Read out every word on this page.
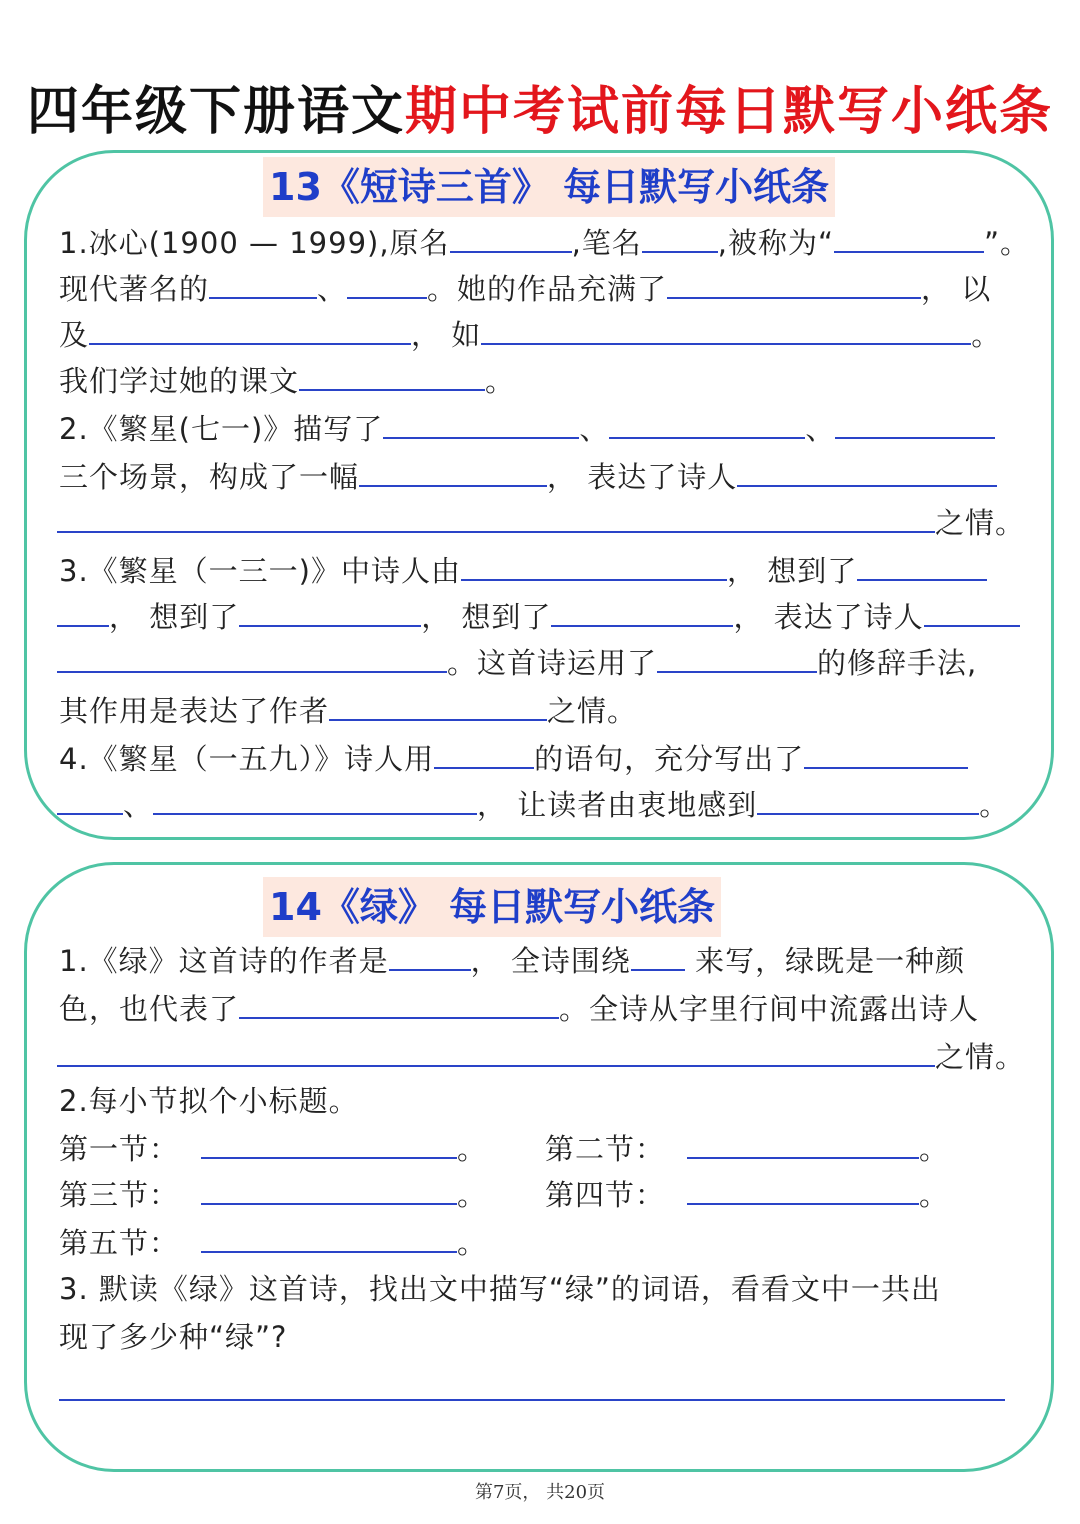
四年级下册语文期中考试前每日默写小纸条
13《短诗三首》 每日默写小纸条
1.冰心(1900 — 1999),原名	,笔名	,被称为“	”。
现代著名的	、	。她的作品充满了	， 以
及	， 如	。
我们学过她的课文	。
2.《繁星(七一)》描写了	、	、
三个场景，构成了一幅	， 表达了诗人
之情。
3.《繁星（一三一)》中诗人由	， 想到了
， 想到了	， 想到了	， 表达了诗人
。这首诗运用了	的修辞手法,
其作用是表达了作者	之情。
4.《繁星（一五九）》诗人用	的语句，充分写出了
、	， 让读者由衷地感到	。
14《绿》 每日默写小纸条
1.《绿》这首诗的作者是	， 全诗围绕 来写，绿既是一种颜
色，也代表了	。全诗从字里行间中流露出诗人
之情。
2.每小节拟个小标题。
第一节：	。 第二节：	。
第三节：	。 第四节：	。
第五节：	。
3. 默读《绿》这首诗，找出文中描写“绿”的词语，看看文中一共出
现了多少种“绿”?
第7页， 共20页
